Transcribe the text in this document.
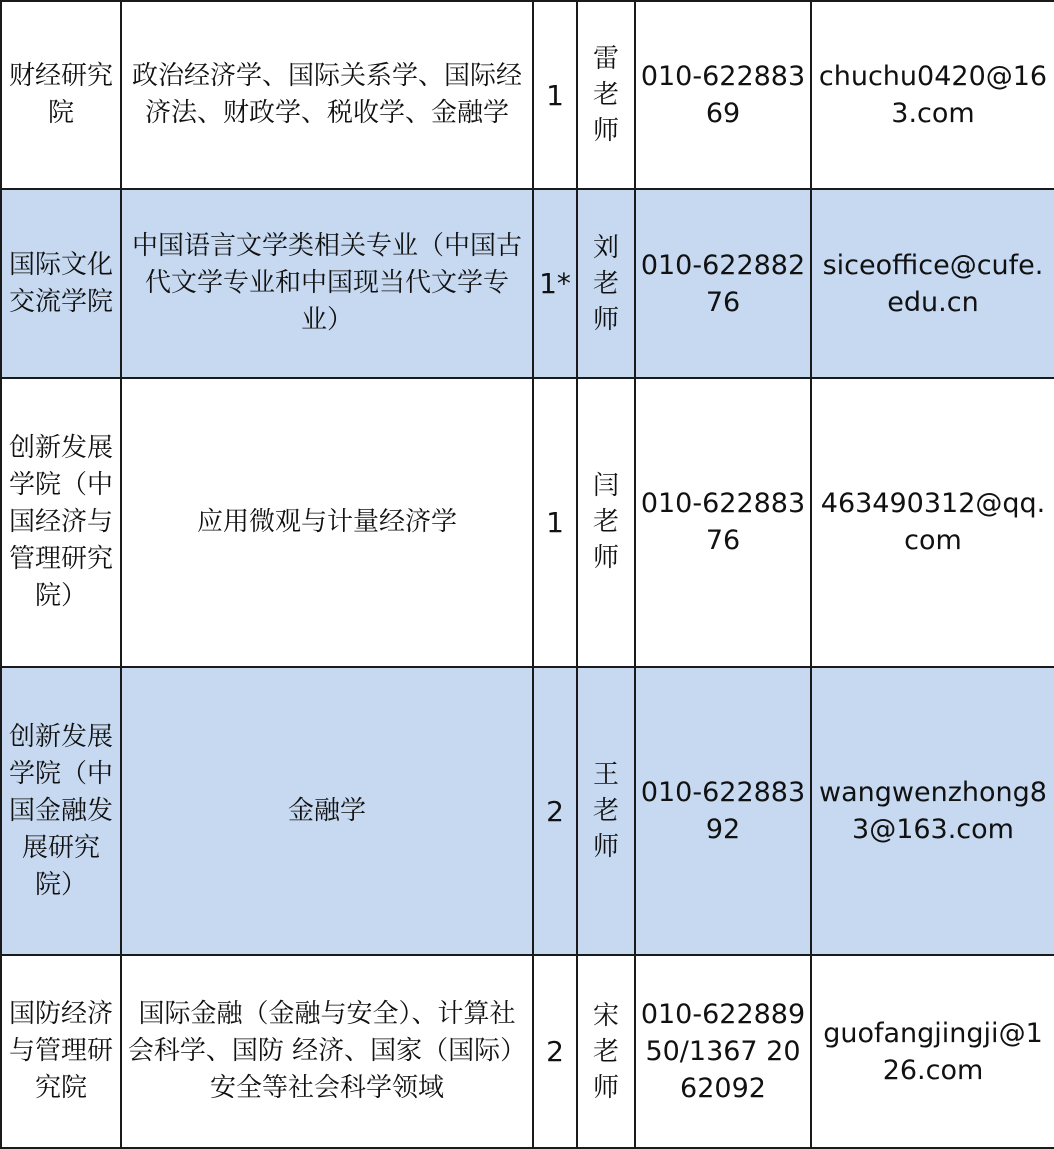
财经研究院	政治经济学、国际关系学、国际经济法、财政学、税收学、金融学	1	雷老师	010-62288369	chuchu0420@163.com
国际文化交流学院	中国语言文学类相关专业（中国古代文学专业和中国现当代文学专业）	1*	刘老师	010-62288276	siceoffice@cufe.edu.cn
创新发展学院（中国经济与管理研究院）	应用微观与计量经济学	1	闫老师	010-62288376	463490312@qq.com
创新发展学院（中国金融发展研究院）	金融学	2	王老师	010-62288392	wangwenzhong83@163.com
国防经济与管理研究院	国际金融（金融与安全）、计算社会科学、国防 经济、国家（国际）安全等社会科学领域	2	宋老师	010-62288950/1367 2062092	guofangjingji@126.com
